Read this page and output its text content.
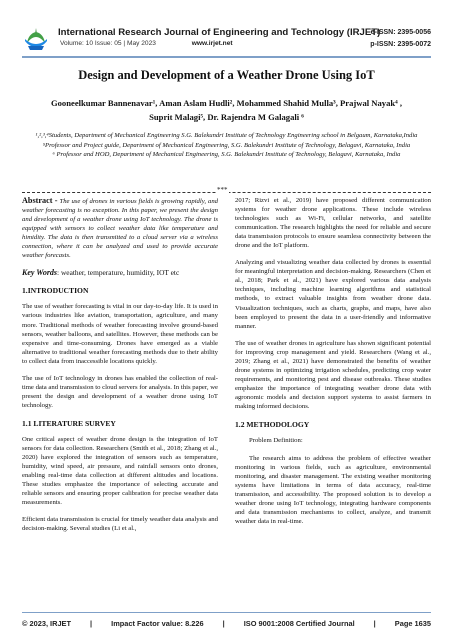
International Research Journal of Engineering and Technology (IRJET)
Volume: 10 Issue: 05 | May 2023	www.irjet.net
e-ISSN: 2395-0056
p-ISSN: 2395-0072
Design and Development of a Weather Drone Using IoT
Gooneelkumar Bannenavar¹, Aman Aslam Hudli², Mohammed Shahid Mulla³, Prajwal Nayak⁴ ,
Suprit Malagi⁵, Dr. Rajendra M Galagali ⁶
¹,²,³,⁴Students, Department of Mechanical Engineering S.G. Balekundri Institute of Technology Engineering school in Belgaum, Karnataka,India
⁵Professor and Project guide, Department of Mechanical Engineering, S.G. Balekundri Institute of Technology, Belagavi, Karnataka, India
⁶ Professor and HOD, Department of Mechanical Engineering, S.G. Balekundri Institute of Technology, Belagavi, Karnataka, India
***

Abstract - The use of drones in various fields is growing rapidly, and weather forecasting is no exception. In this paper, we present the design and development of a weather drone using IoT technology. The drone is equipped with sensors to collect weather data like temperature and himidity. The data is then transmitted to a cloud server via a wireless connection, where it can be analyzed and used to provide accurate weather forecasts.

Key Words: weather, temperature, humidity, IOT etc

1.INTRODUCTION

The use of weather forecasting is vital in our day-to-day life. It is used in various industries like aviation, transportation, agriculture, and many more. Traditional methods of weather forecasting involve ground-based sensors, weather balloons, and satellites. However, these methods can be expensive and time-consuming. Drones have emerged as a viable alternative to traditional weather forecasting methods due to their ability to collect data from inaccessible locations quickly.

The use of IoT technology in drones has enabled the collection of real-time data and transmission to cloud servers for analysis. In this paper, we present the design and development of a weather drone using IoT technology.

1.1 LITERATURE SURVEY

One critical aspect of weather drone design is the integration of IoT sensors for data collection. Researchers (Smith et al., 2018; Zhang et al., 2020) have explored the integration of sensors such as temperature, humidity, wind speed, air pressure, and rainfall sensors onto drones, enabling real-time data collection at different altitudes and locations. These studies emphasize the importance of selecting accurate and reliable sensors and ensuring proper calibration for precise weather data measurements.

Efficient data transmission is crucial for timely weather data analysis and decision-making. Several studies (Li et al.,

2017; Rizvi et al., 2019) have proposed different communication systems for weather drone applications. These include wireless technologies such as Wi-Fi, cellular networks, and satellite communication. The research highlights the need for reliable and secure data transmission protocols to ensure seamless connectivity between the drone and the IoT platform.

Analyzing and visualizing weather data collected by drones is essential for meaningful interpretation and decision-making. Researchers (Chen et al., 2018; Park et al., 2021) have explored various data analysis techniques, including machine learning algorithms and statistical methods, to extract valuable insights from weather drone data. Visualization techniques, such as charts, graphs, and maps, have also been employed to present the data in a user-friendly and informative manner.

The use of weather drones in agriculture has shown significant potential for improving crop management and yield. Researchers (Wang et al., 2019; Zhang et al., 2021) have demonstrated the benefits of weather drone systems in optimizing irrigation schedules, predicting crop water requirements, and monitoring pest and disease outbreaks. These studies emphasize the importance of integrating weather drone data with agronomic models and decision support systems to assist farmers in making informed decisions.

1.2 METHODOLOGY

Problem Definition:

The research aims to address the problem of effective weather monitoring in various fields, such as agriculture, environmental monitoring, and disaster management. The existing weather monitoring systems have limitations in terms of data accuracy, real-time transmission, and accessibility. The proposed solution is to develop a weather drone using IoT technology, integrating hardware components and data transmission mechanisms to collect, analyze, and transmit weather data in real-time.

© 2023, IRJET	|	Impact Factor value: 8.226	|	ISO 9001:2008 Certified Journal	|	Page 1635
